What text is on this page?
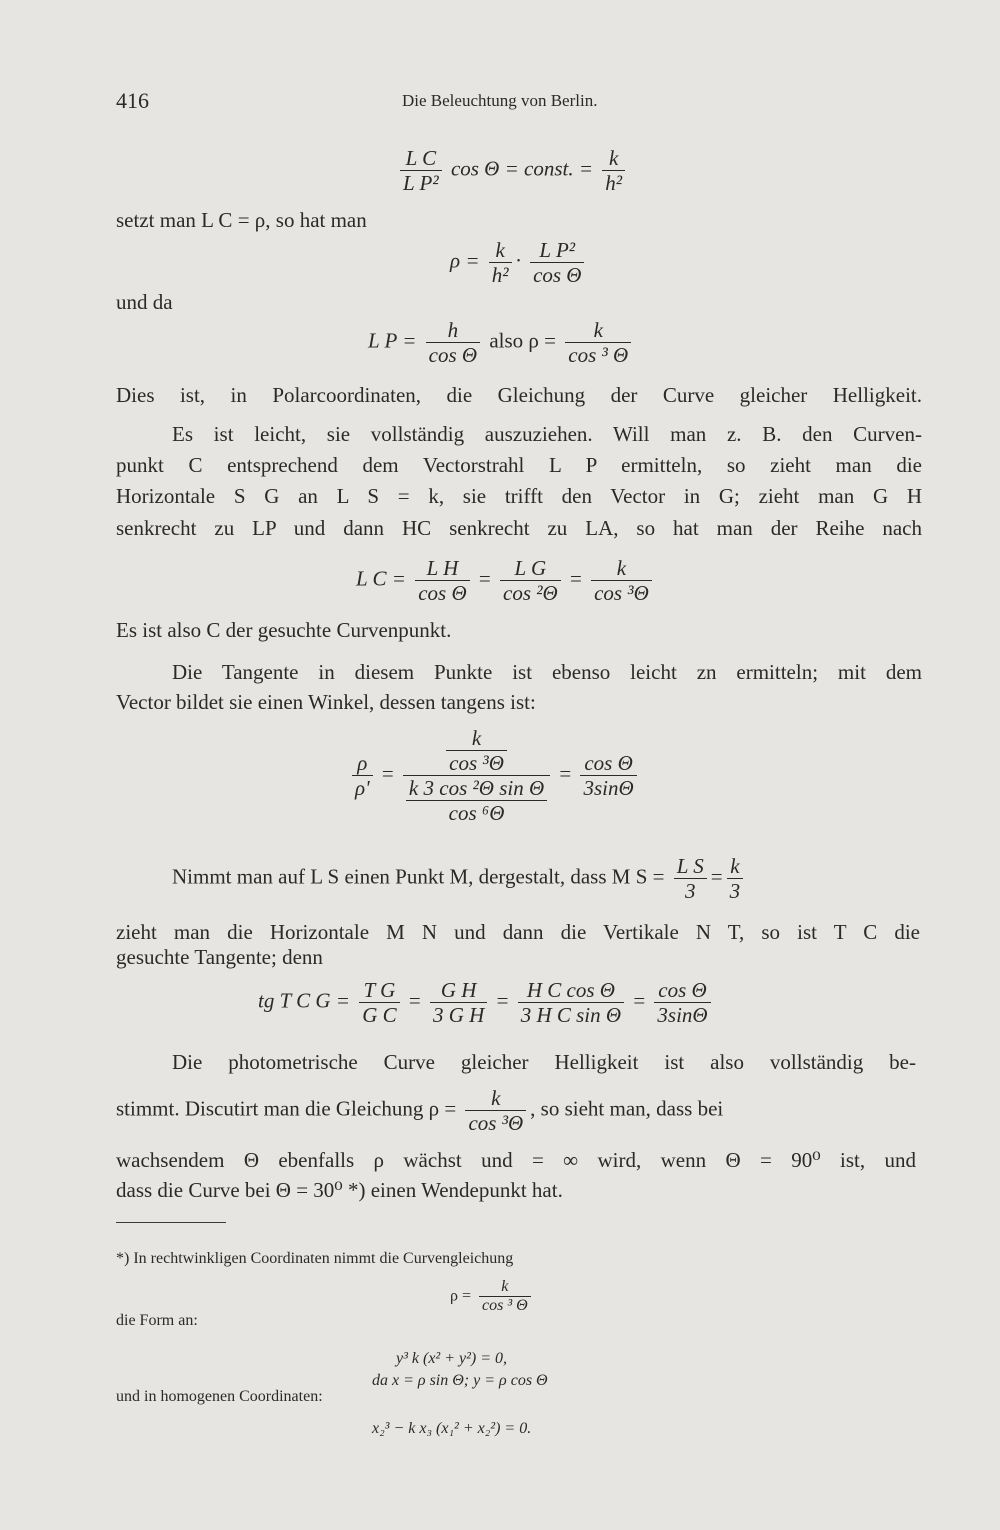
416	Die Beleuchtung von Berlin.
$\frac{\text{L C}}{\text{L P²}}$ cos Θ = const. = $\frac{k}{\text{h²}}$
setzt man L C = ρ, so hat man
$\rho = \frac{k}{\text{h²}} \cdot \frac{\text{L P²}}{\text{cos Θ}}$
und da
L $P = \frac{h}{\text{cos Θ}}$ also $\rho = \frac{k}{\text{cos ³ Θ}}$
Dies ist, in Polarcoordinaten, die Gleichung der Curve gleicher Helligkeit.
Es ist leicht, sie vollständig auszuziehen. Will man z. B. den Curven-
punkt C entsprechend dem Vectorstrahl L P ermitteln, so zieht man die
Horizontale S G an L S = k, sie trifft den Vector in G; zieht man G H
senkrecht zu LP und dann HC senkrecht zu LA, so hat man der Reihe nach
L $C = \frac{\text{L H}}{\text{cos Θ}} = \frac{\text{L G}}{\text{cos ²Θ}} = \frac{k}{\text{cos ³Θ}}$
Es ist also C der gesuchte Curvenpunkt.
Die Tangente in diesem Punkte ist ebenso leicht zn ermitteln; mit dem
Vector bildet sie einen Winkel, dessen tangens ist:
$\frac{\rho}{\rho'} = \frac{\frac{k}{\text{cos ³Θ}}}{\frac{\text{k 3 cos ²Θ sin Θ}}{\text{cos ⁶Θ}}} = \frac{\text{cos Θ}}{3\sin\Theta}$
Nimmt man auf L S einen Punkt M, dergestalt, dass M $S = \frac{\text{L S}}{3} = \frac{k}{3}$
zieht man die Horizontale M N und dann die Vertikale N T, so ist T C die
gesuchte Tangente; denn
tg T C $G = \frac{\text{T G}}{\text{G C}} = \frac{\text{G H}}{\text{3 G H}} = \frac{\text{H C cos Θ}}{\text{3 H C sin Θ}} = \frac{\text{cos Θ}}{3\sin\Theta}$
Die photometrische Curve gleicher Helligkeit ist also vollständig be-
stimmt. Discutirt man die Gleichung $\rho = \frac{k}{\text{cos ³Θ}}$ , so sieht man, dass bei
wachsendem Θ ebenfalls ρ wächst und = ∞ wird, wenn Θ = 90⁰ ist, und
dass die Curve bei Θ = 30⁰ *) einen Wendepunkt hat.
*) In rechtwinkligen Coordinaten nimmt die Curvengleichung
$\rho = \frac{k}{\text{cos ³ Θ}}$
die Form an:
y³ k (x² + y²) = 0,
da x = ρ sin Θ; y = ρ cos Θ
und in homogenen Coordinaten:
x₂³ − k x₃ (x₁² + x₂²) = 0.
